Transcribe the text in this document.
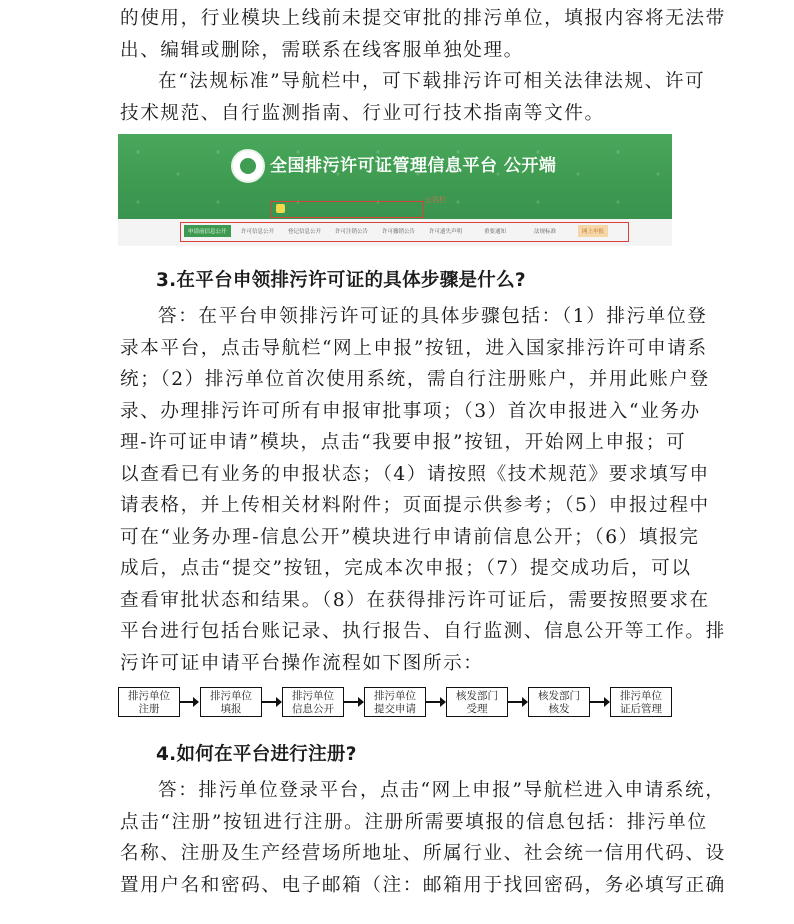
的使用，行业模块上线前未提交审批的排污单位，填报内容将无法带
出、编辑或删除，需联系在线客服单独处理。
在“法规标准”导航栏中，可下载排污许可相关法律法规、许可
技术规范、自行监测指南、行业可行技术指南等文件。
全国排污许可证管理信息平台 公开端
公告栏
申请前信息公开	许可信息公开	登记信息公开	许可注销公告	许可撤销公告	许可遗失声明	重要通知	法规标准	网上申报
3.在平台申领排污许可证的具体步骤是什么?
答：在平台申领排污许可证的具体步骤包括：（1）排污单位登
录本平台，点击导航栏“网上申报”按钮，进入国家排污许可申请系
统；（2）排污单位首次使用系统，需自行注册账户，并用此账户登
录、办理排污许可所有申报审批事项；（3）首次申报进入“业务办
理-许可证申请”模块，点击“我要申报”按钮，开始网上申报；可
以查看已有业务的申报状态；（4）请按照《技术规范》要求填写申
请表格，并上传相关材料附件；页面提示供参考；（5）申报过程中
可在“业务办理-信息公开”模块进行申请前信息公开；（6）填报完
成后，点击“提交”按钮，完成本次申报；（7）提交成功后，可以
查看审批状态和结果。（8）在获得排污许可证后，需要按照要求在
平台进行包括台账记录、执行报告、自行监测、信息公开等工作。排
污许可证申请平台操作流程如下图所示：
排污单位
注册
排污单位
填报
排污单位
信息公开
排污单位
提交申请
核发部门
受理
核发部门
核发
排污单位
证后管理
4.如何在平台进行注册?
答：排污单位登录平台，点击“网上申报”导航栏进入申请系统，
点击“注册”按钮进行注册。注册所需要填报的信息包括：排污单位
名称、注册及生产经营场所地址、所属行业、社会统一信用代码、设
置用户名和密码、电子邮箱（注：邮箱用于找回密码，务必填写正确
